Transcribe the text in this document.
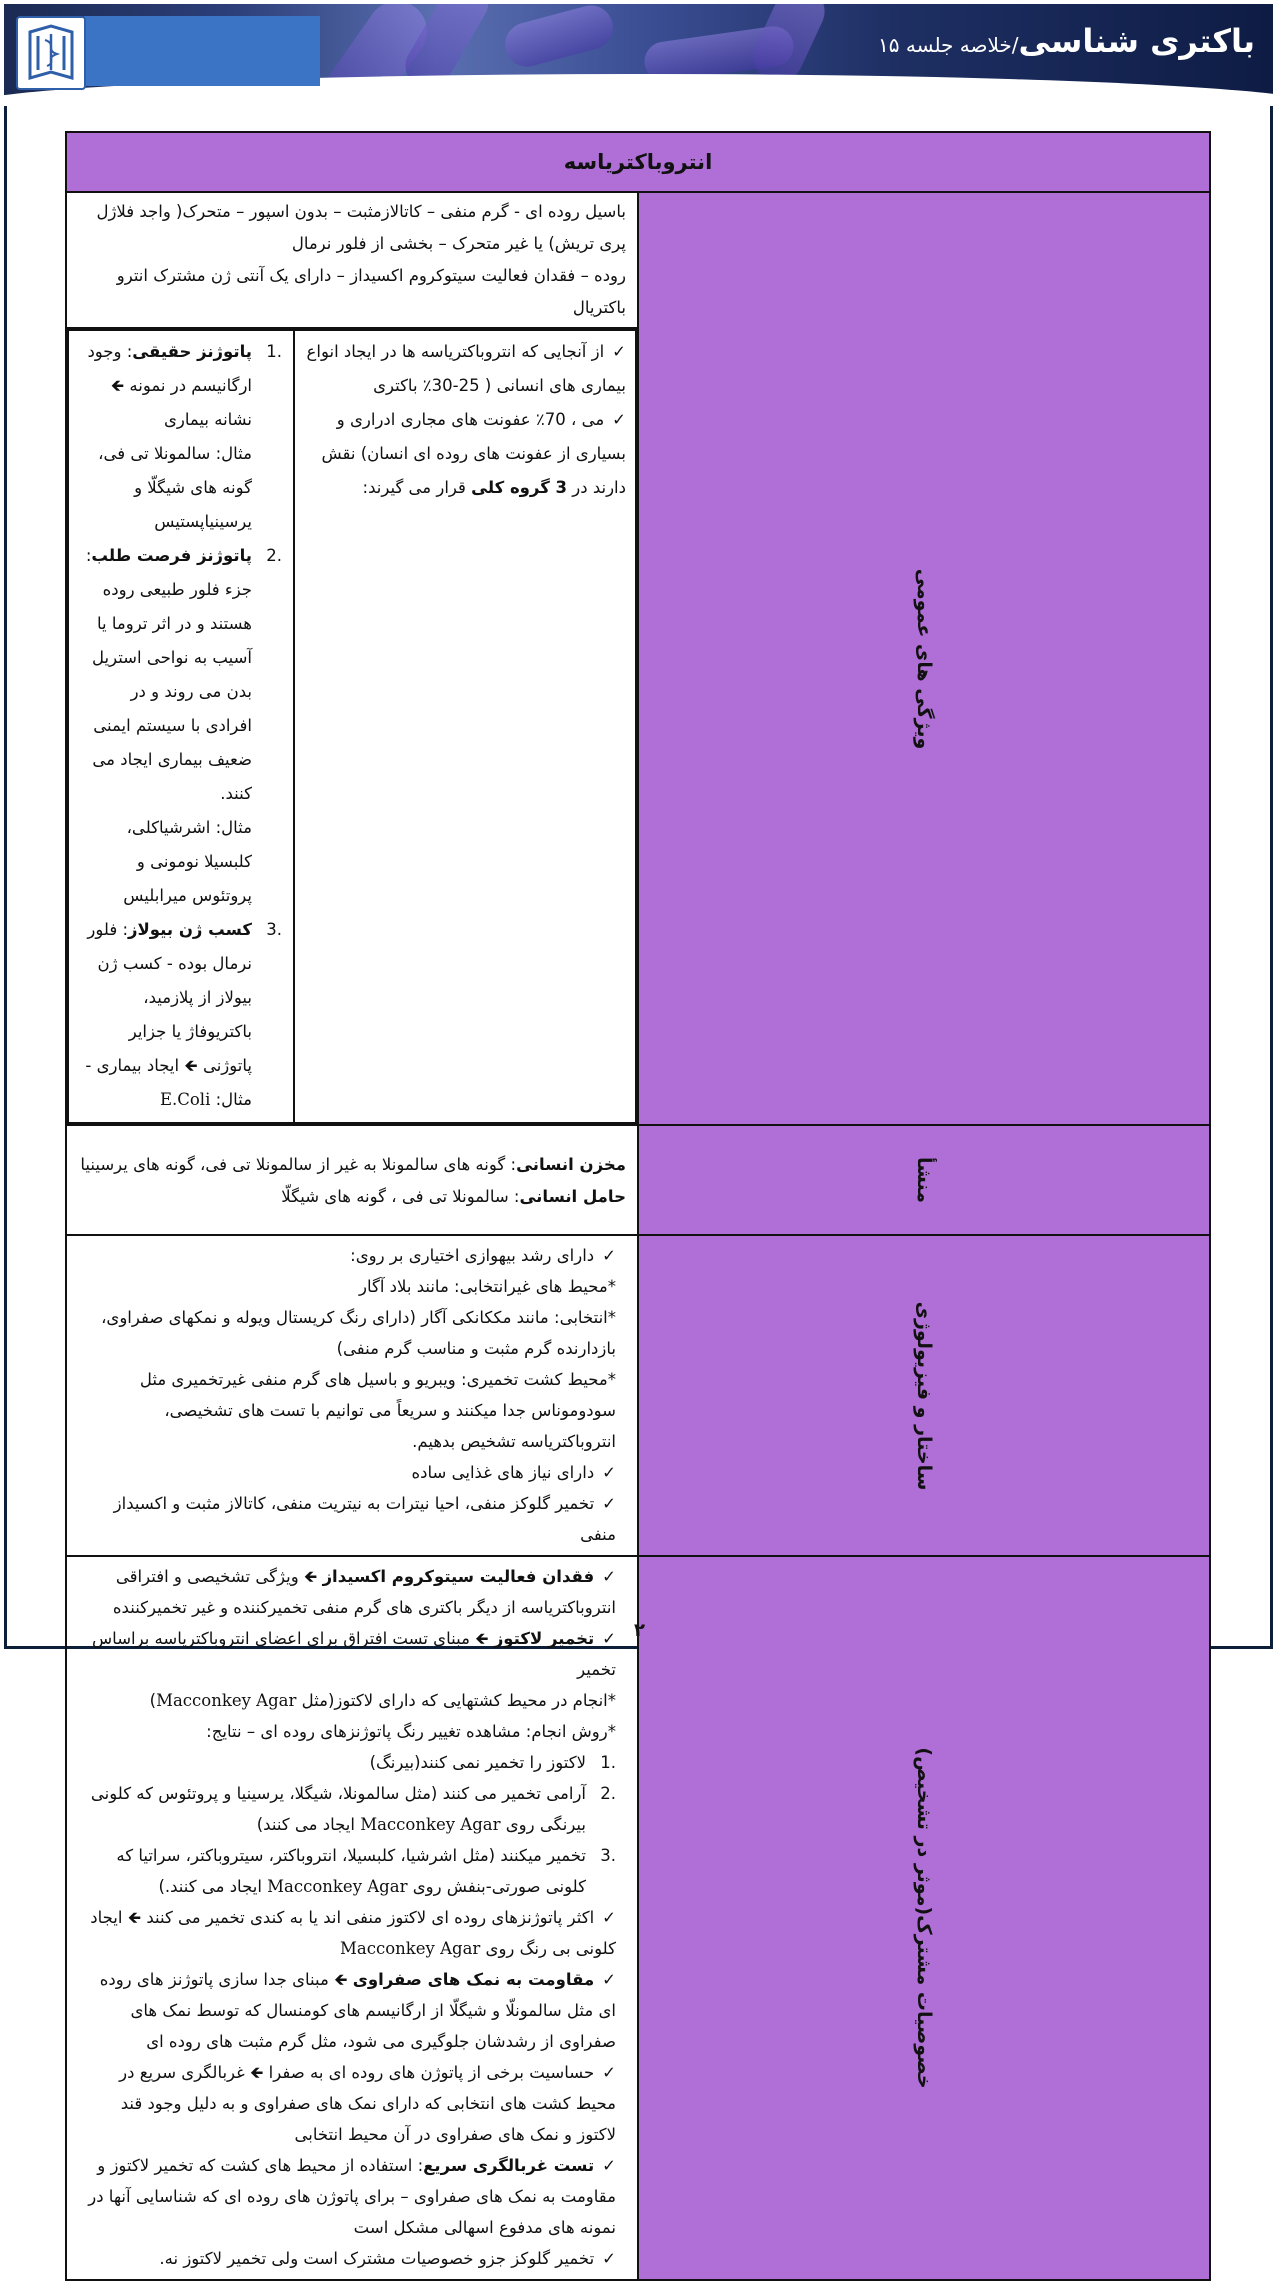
باکتری شناسی/خلاصه جلسه ۱۵
انتروباکتریاسه

ویژگی های عمومی

باسیل روده ای - گرم منفی – کاتالازمثبت – بدون اسپور – متحرک( واجد فلاژل پری تریش) یا غیر متحرک – بخشی از فلور نرمال

روده – فقدان فعالیت سیتوکروم اکسیداز – دارای یک آنتی ژن مشترک انترو باکتریال

✓از آنجایی که انتروباکتریاسه ها در ایجاد انواع بیماری های انسانی ( 25-30٪ باکتری

✓می ، 70٪ عفونت های مجاری ادراری و بسیاری از عفونت های روده ای انسان) نقش دارند در 3 گروه کلی قرار می گیرند:

.1
پاتوژنز حقیقی: وجود ارگانیسم در نمونه 🡸 نشانه بیماری
مثال: سالمونلا تی فی، گونه های شیگلّا و یرسینیاپستیس
.2
پاتوژنز فرصت طلب: جزء فلور طبیعی روده هستند و در اثر تروما یا آسیب به نواحی استریل بدن می روند و در افرادی با سیستم ایمنی ضعیف بیماری ایجاد می کنند.
مثال: اشرشیاکلی، کلبسیلا نومونی و پروتئوس میرابلیس
.3
کسب ژن بیولاز: فلور نرمال بوده - کسب ژن بیولاز از پلازمید، باکتریوفاژ یا جزایر پاتوژنی 🡸 ایجاد بیماری - مثال: E.Coli

منشأ

مخزن انسانی: گونه های سالمونلا به غیر از سالمونلا تی فی، گونه های یرسینیا

حامل انسانی: سالمونلا تی فی ، گونه های شیگلّا

ساختار و فیزیولوژی

✓دارای رشد بیهوازی اختیاری بر روی:

*محیط های غیرانتخابی: مانند بلاد آگار

*انتخابی: مانند مککانکی آگار (دارای رنگ کریستال ویوله و نمکهای صفراوی، بازدارنده گرم مثبت و مناسب گرم منفی)

*محیط کشت تخمیری: ویبریو و باسیل های گرم منفی غیرتخمیری مثل سودوموناس جدا میکنند و سریعاً می توانیم با تست های تشخیصی، انتروباکتریاسه تشخیص بدهیم.

✓دارای نیاز های غذایی ساده

✓تخمیر گلوکز منفی، احیا نیترات به نیتریت منفی، کاتالاز مثبت و اکسیداز منفی

خصوصیات مشترک(موثر در تشخیص)

✓فقدان فعالیت سیتوکروم اکسیداز 🡸 ویژگی تشخیصی و افتراقی انتروباکتریاسه از دیگر باکتری های گرم منفی تخمیرکننده و غیر تخمیرکننده

✓تخمیر لاکتوز 🡸 مبنای تست افتراق برای اعضای انتروباکتریاسه براساس تخمیر

*انجام در محیط کشتهایی که دارای لاکتوز(مثل Macconkey Agar)

*روش انجام: مشاهده تغییر رنگ پاتوژنزهای روده ای – نتایج:

.1
لاکتوز را تخمیر نمی کنند(بیرنگ)
.2
آرامی تخمیر می کنند (مثل سالمونلا، شیگلا، یرسینیا و پروتئوس که کلونی بیرنگی روی Macconkey Agar ایجاد می کنند)
.3
تخمیر میکنند (مثل اشرشیا، کلبسیلا، انتروباکتر، سیتروباکتر، سراتیا که کلونی صورتی-بنفش روی Macconkey Agar ایجاد می کنند.)

✓اکثر پاتوژنزهای روده ای لاکتوز منفی اند یا به کندی تخمیر می کنند 🡸 ایجاد کلونی بی رنگ روی Macconkey Agar

✓مقاومت به نمک های صفراوی 🡸 مبنای جدا سازی پاتوژنز های روده ای مثل سالمونلّا و شیگلّا از ارگانیسم های کومنسال که توسط نمک های صفراوی از رشدشان جلوگیری می شود، مثل گرم مثبت های روده ای

✓حساسیت برخی از پاتوژن های روده ای به صفرا 🡸 غربالگری سریع در محیط کشت های انتخابی که دارای نمک های صفراوی و به دلیل وجود قند لاکتوز و نمک های صفراوی در آن محیط انتخابی

✓تست غربالگری سریع: استفاده از محیط های کشت که تخمیر لاکتوز و مقاومت به نمک های صفراوی – برای پاتوژن های روده ای که شناسایی آنها در نمونه های مدفوع اسهالی مشکل است

✓تخمیر گلوکز جزو خصوصیات مشترک است ولی تخمیر لاکتوز نه.

۲
